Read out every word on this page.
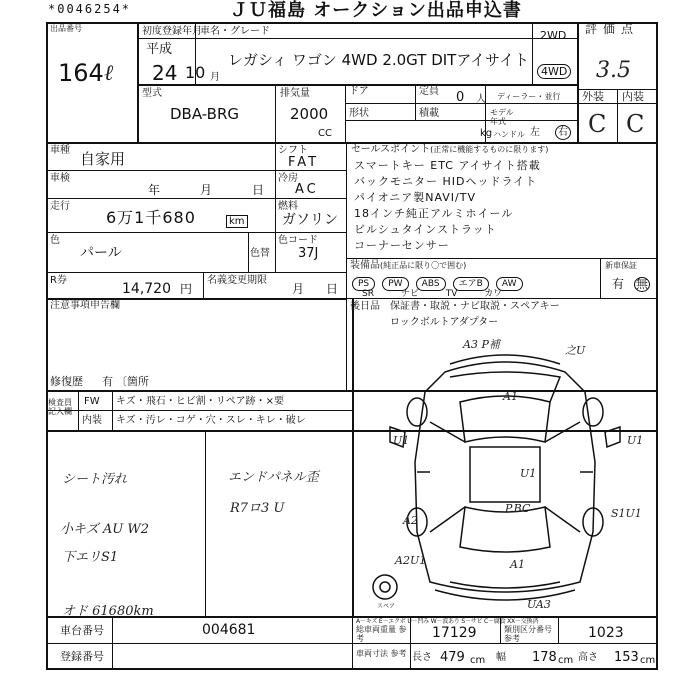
*0046254*	ＪＵ福島 オークション出品申込書
出品番号
164 ℓ
初度登録年月
平成
24 10 月
車名・グレード
レガシィ ワゴン 4WD 2.0GT DITアイサイト
2WD
4WD
評価点
3.5
外装 内装
C C
型式
DBA-BRG
排気量
2000
CC
ドア	定員 0 人 ディーラー・並行
形状	積載
kg
モデル年式
ハンドル 左	右
車種 自家用	シフト
FAT
車検
年	月	日
冷房
AC
走行
6万1千680	km
燃料
ガソリン
色
パール	色替
色コード
37J
R券
14,720 円
名義変更期限
月 日
セールスポイント(正常に機能するものに限ります)
スマートキー ETC アイサイト搭載
バックモニター HIDヘッドライト
パイオニア製NAVI/TV
18インチ純正アルミホイール
ビルシュタインストラット
コーナーセンサー
装備品(純正品に限り〇で囲む)
PS PW ABS エアB AW
SR	ナビ	TV	カワ
新車保証
有 無
後日品 保証書・取説・ナビ取説・スペアキー
ロックボルトアダプター
注意事項申告欄
修復歴 有 〔箇所
検査員記入欄
FW キズ・飛石・ヒビ割・リペア跡・×要
内装 キズ・汚レ・コゲ・穴・スレ・キレ・破レ
シート汚れ
小キズ AU W2
下エリS1
オド 61680km
エンドパネル歪
R7ロ3 U
A3 P補	之U
A1
U1	U1
U1
P.BC	S1U1
A2
A2U1	A1
UA3
スペア
A－キズ E－エクボ U－凹み W－波あり S－サビ C－腐食 XX－交換済
車台番号	004681
登録番号
総車両重量 参考	17129	類別区分番号 参考	1023
車両寸法 参考 長さ 479 cm 幅 178 cm 高さ 153 cm
